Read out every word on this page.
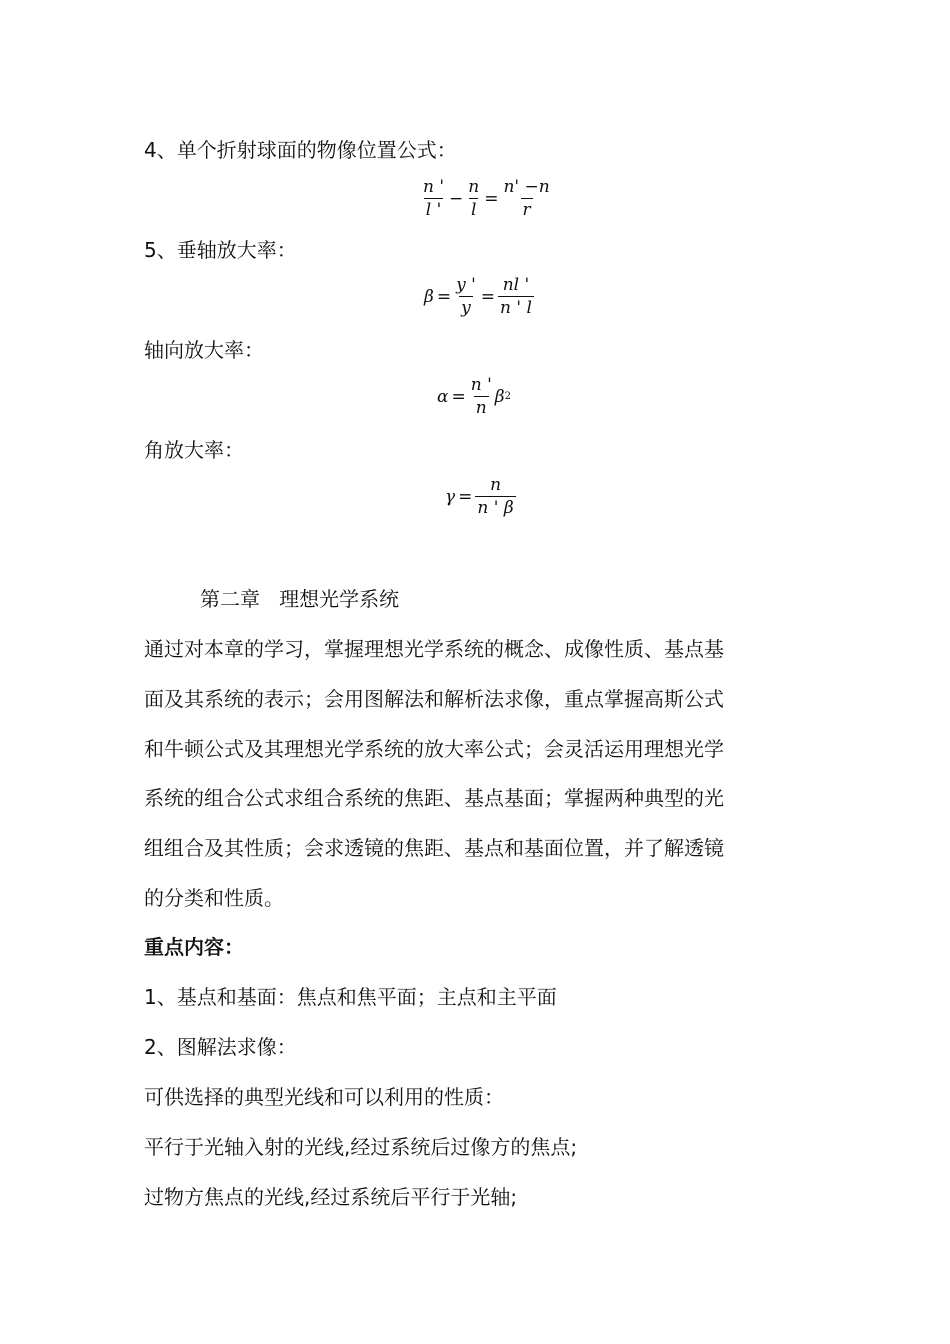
4、单个折射球面的物像位置公式：
$\frac{n '}{l '} - \frac{n}{l} = \frac{n' -n}{r}$
5、垂轴放大率：
$\beta = \frac{y '}{y} = \frac{nl '}{n ' l}$
轴向放大率：
$\alpha = \frac{n '}{n}$ β 2
角放大率：
$\gamma = \frac{n}{n ' \beta}$
第二章   理想光学系统
通过对本章的学习，掌握理想光学系统的概念、成像性质、基点基
面及其系统的表示；会用图解法和解析法求像，重点掌握高斯公式
和牛顿公式及其理想光学系统的放大率公式；会灵活运用理想光学
系统的组合公式求组合系统的焦距、基点基面；掌握两种典型的光
组组合及其性质；会求透镜的焦距、基点和基面位置，并了解透镜
的分类和性质。
重点内容：
1、基点和基面：焦点和焦平面；主点和主平面
2、图解法求像：
可供选择的典型光线和可以利用的性质：
平行于光轴入射的光线,经过系统后过像方的焦点;
过物方焦点的光线,经过系统后平行于光轴;
